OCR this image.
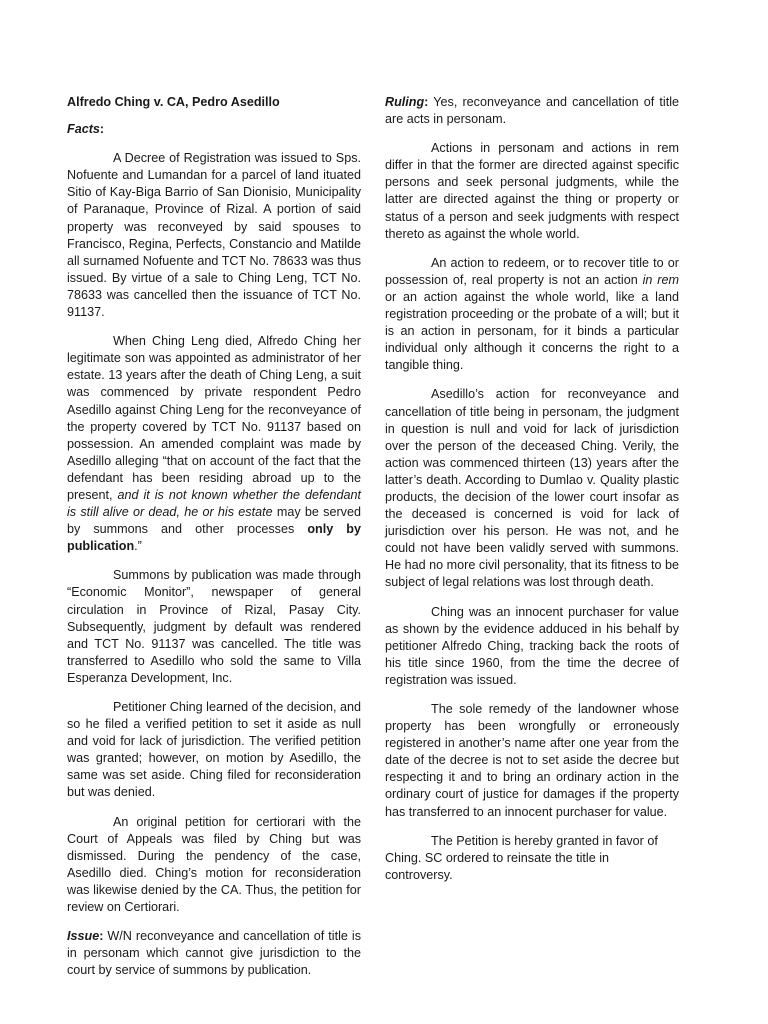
Alfredo Ching v. CA, Pedro Asedillo

Facts:

A Decree of Registration was issued to Sps. Nofuente and Lumandan for a parcel of land ituated Sitio of Kay-Biga Barrio of San Dionisio, Municipality of Paranaque, Province of Rizal. A portion of said property was reconveyed by said spouses to Francisco, Regina, Perfects, Constancio and Matilde all surnamed Nofuente and TCT No. 78633 was thus issued. By virtue of a sale to Ching Leng, TCT No. 78633 was cancelled then the issuance of TCT No. 91137.

When Ching Leng died, Alfredo Ching her legitimate son was appointed as administrator of her estate. 13 years after the death of Ching Leng, a suit was commenced by private respondent Pedro Asedillo against Ching Leng for the reconveyance of the property covered by TCT No. 91137 based on possession. An amended complaint was made by Asedillo alleging “that on account of the fact that the defendant has been residing abroad up to the present, and it is not known whether the defendant is still alive or dead, he or his estate may be served by summons and other processes only by publication.”

Summons by publication was made through “Economic Monitor”, newspaper of general circulation in Province of Rizal, Pasay City. Subsequently, judgment by default was rendered and TCT No. 91137 was cancelled. The title was transferred to Asedillo who sold the same to Villa Esperanza Development, Inc.

Petitioner Ching learned of the decision, and so he filed a verified petition to set it aside as null and void for lack of jurisdiction. The verified petition was granted; however, on motion by Asedillo, the same was set aside. Ching filed for reconsideration but was denied.

An original petition for certiorari with the Court of Appeals was filed by Ching but was dismissed. During the pendency of the case, Asedillo died. Ching’s motion for reconsideration was likewise denied by the CA. Thus, the petition for review on Certiorari.

Issue: W/N reconveyance and cancellation of title is in personam which cannot give jurisdiction to the court by service of summons by publication.

Ruling: Yes, reconveyance and cancellation of title are acts in personam.

Actions in personam and actions in rem differ in that the former are directed against specific persons and seek personal judgments, while the latter are directed against the thing or property or status of a person and seek judgments with respect thereto as against the whole world.

An action to redeem, or to recover title to or possession of, real property is not an action in rem or an action against the whole world, like a land registration proceeding or the probate of a will; but it is an action in personam, for it binds a particular individual only although it concerns the right to a tangible thing.

Asedillo’s action for reconveyance and cancellation of title being in personam, the judgment in question is null and void for lack of jurisdiction over the person of the deceased Ching. Verily, the action was commenced thirteen (13) years after the latter’s death. According to Dumlao v. Quality plastic products, the decision of the lower court insofar as the deceased is concerned is void for lack of jurisdiction over his person. He was not, and he could not have been validly served with summons. He had no more civil personality, that its fitness to be subject of legal relations was lost through death.

Ching was an innocent purchaser for value as shown by the evidence adduced in his behalf by petitioner Alfredo Ching, tracking back the roots of his title since 1960, from the time the decree of registration was issued.

The sole remedy of the landowner whose property has been wrongfully or erroneously registered in another’s name after one year from the date of the decree is not to set aside the decree but respecting it and to bring an ordinary action in the ordinary court of justice for damages if the property has transferred to an innocent purchaser for value.

The Petition is hereby granted in favor of Ching. SC ordered to reinsate the title in controversy.
